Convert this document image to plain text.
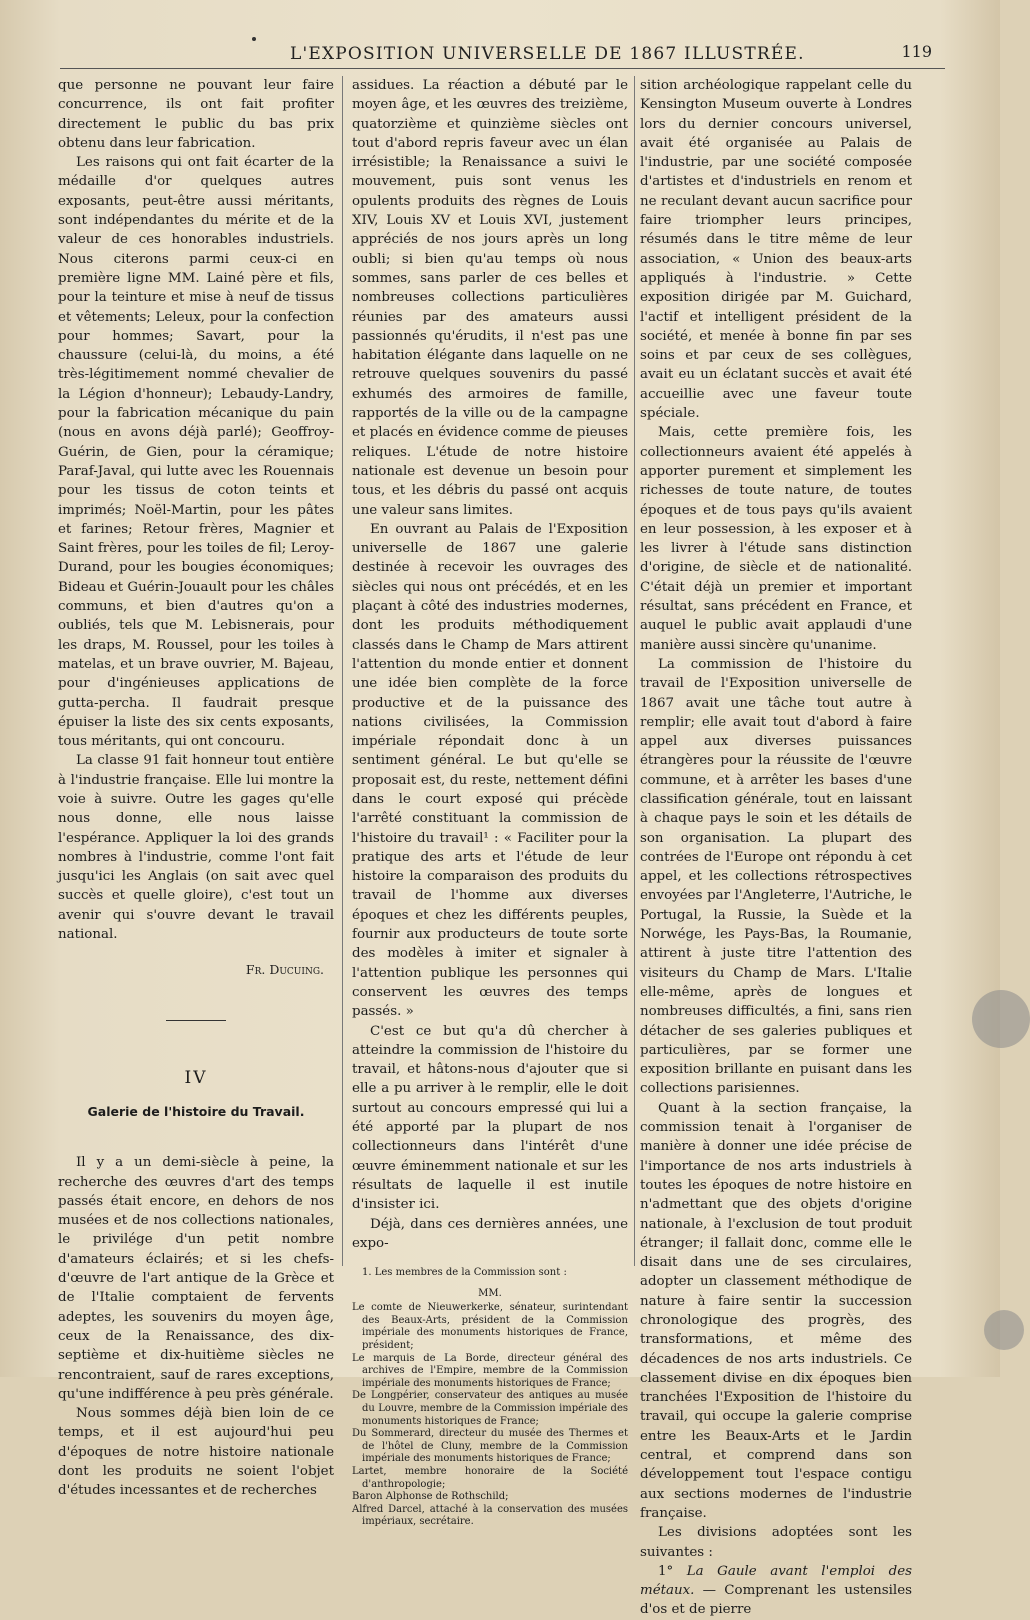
L'EXPOSITION UNIVERSELLE DE 1867 ILLUSTRÉE.	119

que personne ne pouvant leur faire concurrence, ils ont fait profiter directement le public du bas prix obtenu dans leur fabrication.

Les raisons qui ont fait écarter de la médaille d'or quelques autres exposants, peut-être aussi méritants, sont indépendantes du mérite et de la valeur de ces honorables industriels. Nous citerons parmi ceux-ci en première ligne MM. Lainé père et fils, pour la teinture et mise à neuf de tissus et vêtements; Leleux, pour la confection pour hommes; Savart, pour la chaussure (celui-là, du moins, a été très-légitimement nommé chevalier de la Légion d'honneur); Lebaudy-Landry, pour la fabrication mécanique du pain (nous en avons déjà parlé); Geoffroy-Guérin, de Gien, pour la céramique; Paraf-Javal, qui lutte avec les Rouennais pour les tissus de coton teints et imprimés; Noël-Martin, pour les pâtes et farines; Retour frères, Magnier et Saint frères, pour les toiles de fil; Leroy-Durand, pour les bougies économiques; Bideau et Guérin-Jouault pour les châles communs, et bien d'autres qu'on a oubliés, tels que M. Lebisnerais, pour les draps, M. Roussel, pour les toiles à matelas, et un brave ouvrier, M. Bajeau, pour d'ingénieuses applications de gutta-percha. Il faudrait presque épuiser la liste des six cents exposants, tous méritants, qui ont concouru.

La classe 91 fait honneur tout entière à l'industrie française. Elle lui montre la voie à suivre. Outre les gages qu'elle nous donne, elle nous laisse l'espérance. Appliquer la loi des grands nombres à l'industrie, comme l'ont fait jusqu'ici les Anglais (on sait avec quel succès et quelle gloire), c'est tout un avenir qui s'ouvre devant le travail national.

Fr. Ducuing.
IV
Galerie de l'histoire du Travail.

Il y a un demi-siècle à peine, la recherche des œuvres d'art des temps passés était encore, en dehors de nos musées et de nos collections nationales, le privilége d'un petit nombre d'amateurs éclairés; et si les chefs-d'œuvre de l'art antique de la Grèce et de l'Italie comptaient de fervents adeptes, les souvenirs du moyen âge, ceux de la Renaissance, des dix-septième et dix-huitième siècles ne rencontraient, sauf de rares exceptions, qu'une indifférence à peu près générale.

Nous sommes déjà bien loin de ce temps, et il est aujourd'hui peu d'époques de notre histoire nationale dont les produits ne soient l'objet d'études incessantes et de recherches

assidues. La réaction a débuté par le moyen âge, et les œuvres des treizième, quatorzième et quinzième siècles ont tout d'abord repris faveur avec un élan irrésistible; la Renaissance a suivi le mouvement, puis sont venus les opulents produits des règnes de Louis XIV, Louis XV et Louis XVI, justement appréciés de nos jours après un long oubli; si bien qu'au temps où nous sommes, sans parler de ces belles et nombreuses collections particulières réunies par des amateurs aussi passionnés qu'érudits, il n'est pas une habitation élégante dans laquelle on ne retrouve quelques souvenirs du passé exhumés des armoires de famille, rapportés de la ville ou de la campagne et placés en évidence comme de pieuses reliques. L'étude de notre histoire nationale est devenue un besoin pour tous, et les débris du passé ont acquis une valeur sans limites.

En ouvrant au Palais de l'Exposition universelle de 1867 une galerie destinée à recevoir les ouvrages des siècles qui nous ont précédés, et en les plaçant à côté des industries modernes, dont les produits méthodiquement classés dans le Champ de Mars attirent l'attention du monde entier et donnent une idée bien complète de la force productive et de la puissance des nations civilisées, la Commission impériale répondait donc à un sentiment général. Le but qu'elle se proposait est, du reste, nettement défini dans le court exposé qui précède l'arrêté constituant la commission de l'histoire du travail¹ : « Faciliter pour la pratique des arts et l'étude de leur histoire la comparaison des produits du travail de l'homme aux diverses époques et chez les différents peuples, fournir aux producteurs de toute sorte des modèles à imiter et signaler à l'attention publique les personnes qui conservent les œuvres des temps passés. »

C'est ce but qu'a dû chercher à atteindre la commission de l'histoire du travail, et hâtons-nous d'ajouter que si elle a pu arriver à le remplir, elle le doit surtout au concours empressé qui lui a été apporté par la plupart de nos collectionneurs dans l'intérêt d'une œuvre éminemment nationale et sur les résultats de laquelle il est inutile d'insister ici.

Déjà, dans ces dernières années, une expo-

1. Les membres de la Commission sont :
MM.
Le comte de Nieuwerkerke, sénateur, surintendant des Beaux-Arts, président de la Commission impériale des monuments historiques de France, président;
Le marquis de La Borde, directeur général des archives de l'Empire, membre de la Commission impériale des monuments historiques de France;
De Longpérier, conservateur des antiques au musée du Louvre, membre de la Commission impériale des monuments historiques de France;
Du Sommerard, directeur du musée des Thermes et de l'hôtel de Cluny, membre de la Commission impériale des monuments historiques de France;
Lartet, membre honoraire de la Société d'anthropologie;
Baron Alphonse de Rothschild;
Alfred Darcel, attaché à la conservation des musées impériaux, secrétaire.

sition archéologique rappelant celle du Kensington Museum ouverte à Londres lors du dernier concours universel, avait été organisée au Palais de l'industrie, par une société composée d'artistes et d'industriels en renom et ne reculant devant aucun sacrifice pour faire triompher leurs principes, résumés dans le titre même de leur association, « Union des beaux-arts appliqués à l'industrie. » Cette exposition dirigée par M. Guichard, l'actif et intelligent président de la société, et menée à bonne fin par ses soins et par ceux de ses collègues, avait eu un éclatant succès et avait été accueillie avec une faveur toute spéciale.

Mais, cette première fois, les collectionneurs avaient été appelés à apporter purement et simplement les richesses de toute nature, de toutes époques et de tous pays qu'ils avaient en leur possession, à les exposer et à les livrer à l'étude sans distinction d'origine, de siècle et de nationalité. C'était déjà un premier et important résultat, sans précédent en France, et auquel le public avait applaudi d'une manière aussi sincère qu'unanime.

La commission de l'histoire du travail de l'Exposition universelle de 1867 avait une tâche tout autre à remplir; elle avait tout d'abord à faire appel aux diverses puissances étrangères pour la réussite de l'œuvre commune, et à arrêter les bases d'une classification générale, tout en laissant à chaque pays le soin et les détails de son organisation. La plupart des contrées de l'Europe ont répondu à cet appel, et les collections rétrospectives envoyées par l'Angleterre, l'Autriche, le Portugal, la Russie, la Suède et la Norwége, les Pays-Bas, la Roumanie, attirent à juste titre l'attention des visiteurs du Champ de Mars. L'Italie elle-même, après de longues et nombreuses difficultés, a fini, sans rien détacher de ses galeries publiques et particulières, par se former une exposition brillante en puisant dans les collections parisiennes.

Quant à la section française, la commission tenait à l'organiser de manière à donner une idée précise de l'importance de nos arts industriels à toutes les époques de notre histoire en n'admettant que des objets d'origine nationale, à l'exclusion de tout produit étranger; il fallait donc, comme elle le disait dans une de ses circulaires, adopter un classement méthodique de nature à faire sentir la succession chronologique des progrès, des transformations, et même des décadences de nos arts industriels. Ce classement divise en dix époques bien tranchées l'Exposition de l'histoire du travail, qui occupe la galerie comprise entre les Beaux-Arts et le Jardin central, et comprend dans son développement tout l'espace contigu aux sections modernes de l'industrie française.

Les divisions adoptées sont les suivantes :

1° La Gaule avant l'emploi des métaux. — Comprenant les ustensiles d'os et de pierre
